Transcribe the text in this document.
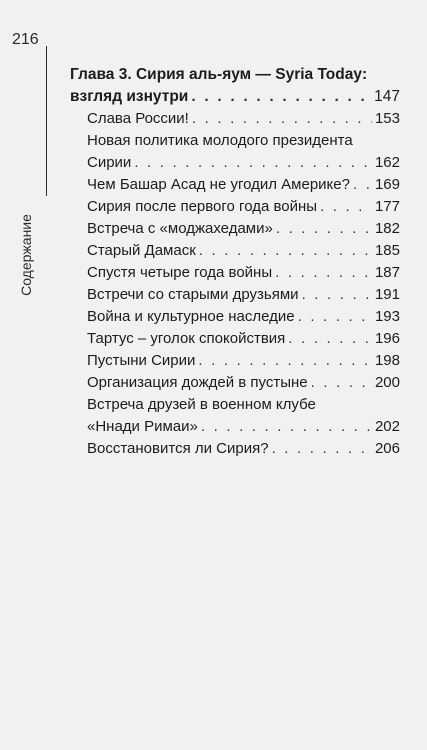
216
Содержание
Глава 3. Сирия аль-яум — Syria Today:
взгляд изнутри . . .	147
Слава России! . . .	153
Новая политика молодого президента
Сирии . . .	162
Чем Башар Асад не угодил Америке? . . . 169
Сирия после первого года войны . . .	177
Встреча с «моджахедами» . . .	182
Старый Дамаск . . .	185
Спустя четыре года войны . . .	187
Встречи со старыми друзьями . . .	191
Война и культурное наследие . . .	193
Тартус – уголок спокойствия . . .	196
Пустыни Сирии . . .	198
Организация дождей в пустыне . . .	200
Встреча друзей в военном клубе
«Ннади Римаи» . . .	202
Восстановится ли Сирия? . . .	206
